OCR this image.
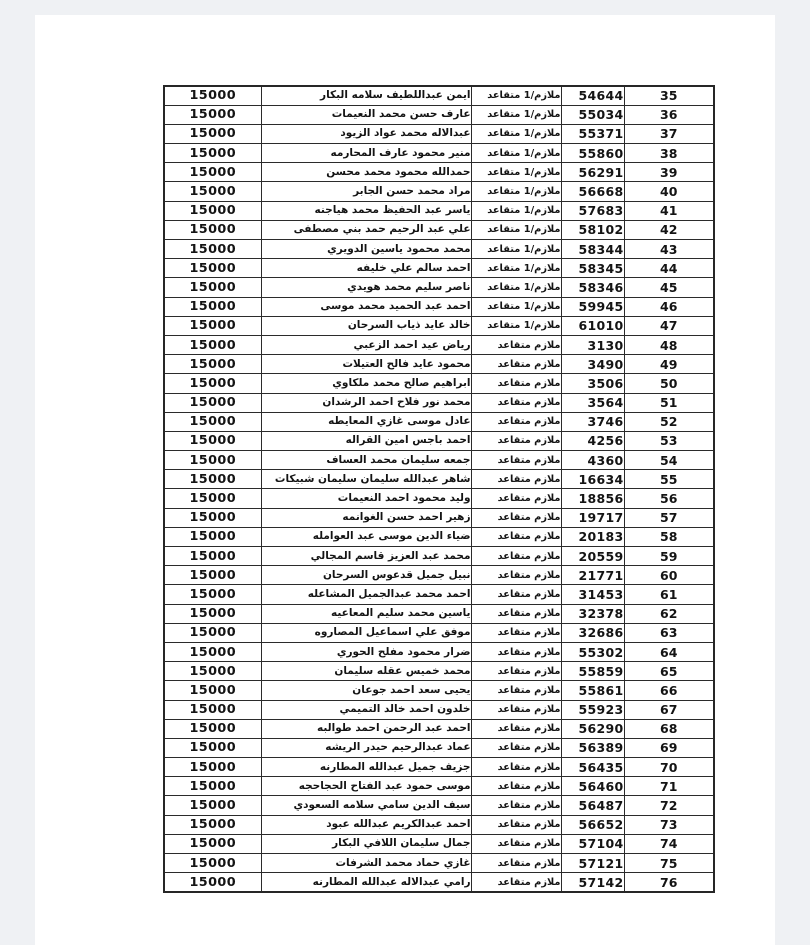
35	54644	ملازم/1 متقاعد	ايمن عبداللطيف سلامه البكار	15000
36	55034	ملازم/1 متقاعد	عارف حسن محمد النعيمات	15000
37	55371	ملازم/1 متقاعد	عبدالاله محمد عواد الزيود	15000
38	55860	ملازم/1 متقاعد	منير محمود عارف المحارمه	15000
39	56291	ملازم/1 متقاعد	حمدالله محمود محمد محسن	15000
40	56668	ملازم/1 متقاعد	مراد محمد حسن الجابر	15000
41	57683	ملازم/1 متقاعد	ياسر عبد الحفيظ محمد هياجنه	15000
42	58102	ملازم/1 متقاعد	علي عبد الرحيم حمد بني مصطفى	15000
43	58344	ملازم/1 متقاعد	محمد محمود ياسين الدويري	15000
44	58345	ملازم/1 متقاعد	احمد سالم علي خليفه	15000
45	58346	ملازم/1 متقاعد	ناصر سليم محمد هويدي	15000
46	59945	ملازم/1 متقاعد	احمد عبد الحميد محمد موسى	15000
47	61010	ملازم/1 متقاعد	خالد عايد ذياب السرحان	15000
48	3130	ملازم متقاعد	رياض عيد احمد الزعبي	15000
49	3490	ملازم متقاعد	محمود عايد فالح العتيلات	15000
50	3506	ملازم متقاعد	ابراهيم صالح محمد ملكاوي	15000
51	3564	ملازم متقاعد	محمد نور فلاح احمد الرشدان	15000
52	3746	ملازم متقاعد	عادل موسى غازي المعايطه	15000
53	4256	ملازم متقاعد	احمد باجس امين القراله	15000
54	4360	ملازم متقاعد	جمعه سليمان محمد العساف	15000
55	16634	ملازم متقاعد	شاهر عبدالله سليمان سليمان شبيكات	15000
56	18856	ملازم متقاعد	وليد محمود احمد النعيمات	15000
57	19717	ملازم متقاعد	زهير احمد حسن الغوانمه	15000
58	20183	ملازم متقاعد	ضياء الدين موسى عبد العوامله	15000
59	20559	ملازم متقاعد	محمد عبد العزيز قاسم المجالي	15000
60	21771	ملازم متقاعد	نبيل جميل قدعوس السرحان	15000
61	31453	ملازم متقاعد	احمد محمد عبدالجميل المشاعله	15000
62	32378	ملازم متقاعد	ياسين محمد سليم المعاعيه	15000
63	32686	ملازم متقاعد	موفق علي اسماعيل المصاروه	15000
64	55302	ملازم متقاعد	ضرار محمود مفلح الحوري	15000
65	55859	ملازم متقاعد	محمد خميس عقله سليمان	15000
66	55861	ملازم متقاعد	يحيى سعد احمد جوعان	15000
67	55923	ملازم متقاعد	خلدون احمد خالد التميمي	15000
68	56290	ملازم متقاعد	احمد عبد الرحمن احمد طوالبه	15000
69	56389	ملازم متقاعد	عماد عبدالرحيم حيدر الريشه	15000
70	56435	ملازم متقاعد	جزيف جميل عبدالله المطارنه	15000
71	56460	ملازم متقاعد	موسى حمود عبد الفتاح الحجاحجه	15000
72	56487	ملازم متقاعد	سيف الدين سامي سلامه السعودي	15000
73	56652	ملازم متقاعد	احمد عبدالكريم عبدالله عبود	15000
74	57104	ملازم متقاعد	جمال سليمان اللافي البكار	15000
75	57121	ملازم متقاعد	غازي حماد محمد الشرفات	15000
76	57142	ملازم متقاعد	رامي عبدالاله عبدالله المطارنه	15000
